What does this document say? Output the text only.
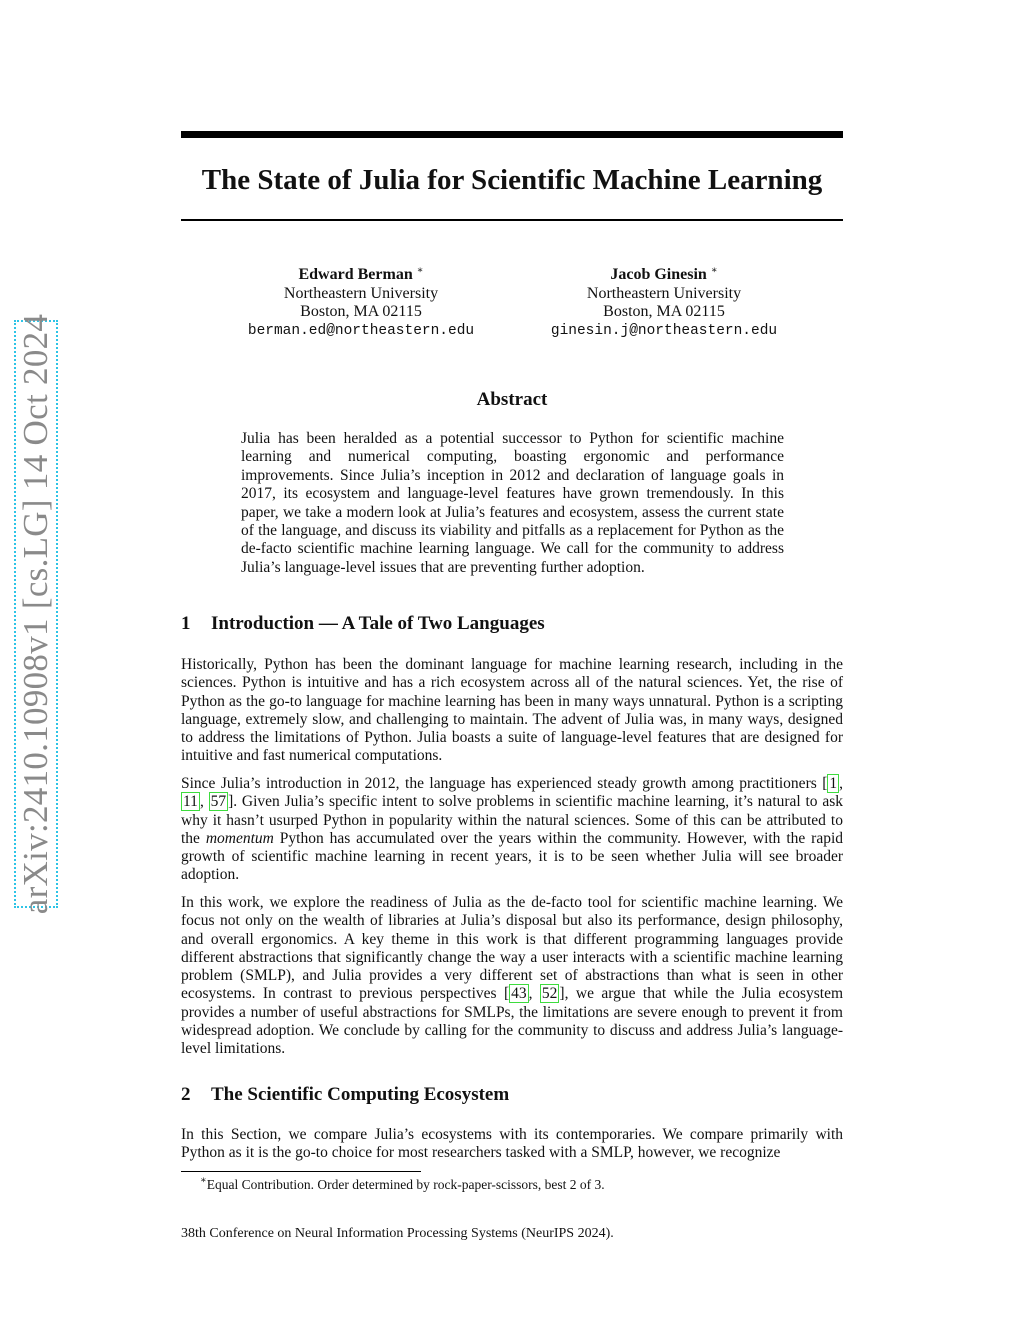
arXiv:2410.10908v1 [cs.LG] 14 Oct 2024
The State of Julia for Scientific Machine Learning
Edward Berman ∗
Northeastern University
Boston, MA 02115
berman.ed@northeastern.edu
Jacob Ginesin ∗
Northeastern University
Boston, MA 02115
ginesin.j@northeastern.edu
Abstract

Julia has been heralded as a potential successor to Python for scientific machine learning and numerical computing, boasting ergonomic and performance improvements. Since Julia’s inception in 2012 and declaration of language goals in 2017, its ecosystem and language-level features have grown tremendously. In this paper, we take a modern look at Julia’s features and ecosystem, assess the current state of the language, and discuss its viability and pitfalls as a replacement for Python as the de-facto scientific machine learning language. We call for the community to address Julia’s language-level issues that are preventing further adoption.

1 Introduction — A Tale of Two Languages

Historically, Python has been the dominant language for machine learning research, including in the sciences. Python is intuitive and has a rich ecosystem across all of the natural sciences. Yet, the rise of Python as the go-to language for machine learning has been in many ways unnatural. Python is a scripting language, extremely slow, and challenging to maintain. The advent of Julia was, in many ways, designed to address the limitations of Python. Julia boasts a suite of language-level features that are designed for intuitive and fast numerical computations.

Since Julia’s introduction in 2012, the language has experienced steady growth among practitioners [ 1 , 11 , 57 ]. Given Julia’s specific intent to solve problems in scientific machine learning, it’s natural to ask why it hasn’t usurped Python in popularity within the natural sciences. Some of this can be attributed to the momentum Python has accumulated over the years within the community. However, with the rapid growth of scientific machine learning in recent years, it is to be seen whether Julia will see broader adoption.

In this work, we explore the readiness of Julia as the de-facto tool for scientific machine learning. We focus not only on the wealth of libraries at Julia’s disposal but also its performance, design philosophy, and overall ergonomics. A key theme in this work is that different programming languages provide different abstractions that significantly change the way a user interacts with a scientific machine learning problem (SMLP), and Julia provides a very different set of abstractions than what is seen in other ecosystems. In contrast to previous perspectives [ 43 , 52 ], we argue that while the Julia ecosystem provides a number of useful abstractions for SMLPs, the limitations are severe enough to prevent it from widespread adoption. We conclude by calling for the community to discuss and address Julia’s language-level limitations.

2 The Scientific Computing Ecosystem

In this Section, we compare Julia’s ecosystems with its contemporaries. We compare primarily with Python as it is the go-to choice for most researchers tasked with a SMLP, however, we recognize

∗Equal Contribution. Order determined by rock-paper-scissors, best 2 of 3.

38th Conference on Neural Information Processing Systems (NeurIPS 2024).
